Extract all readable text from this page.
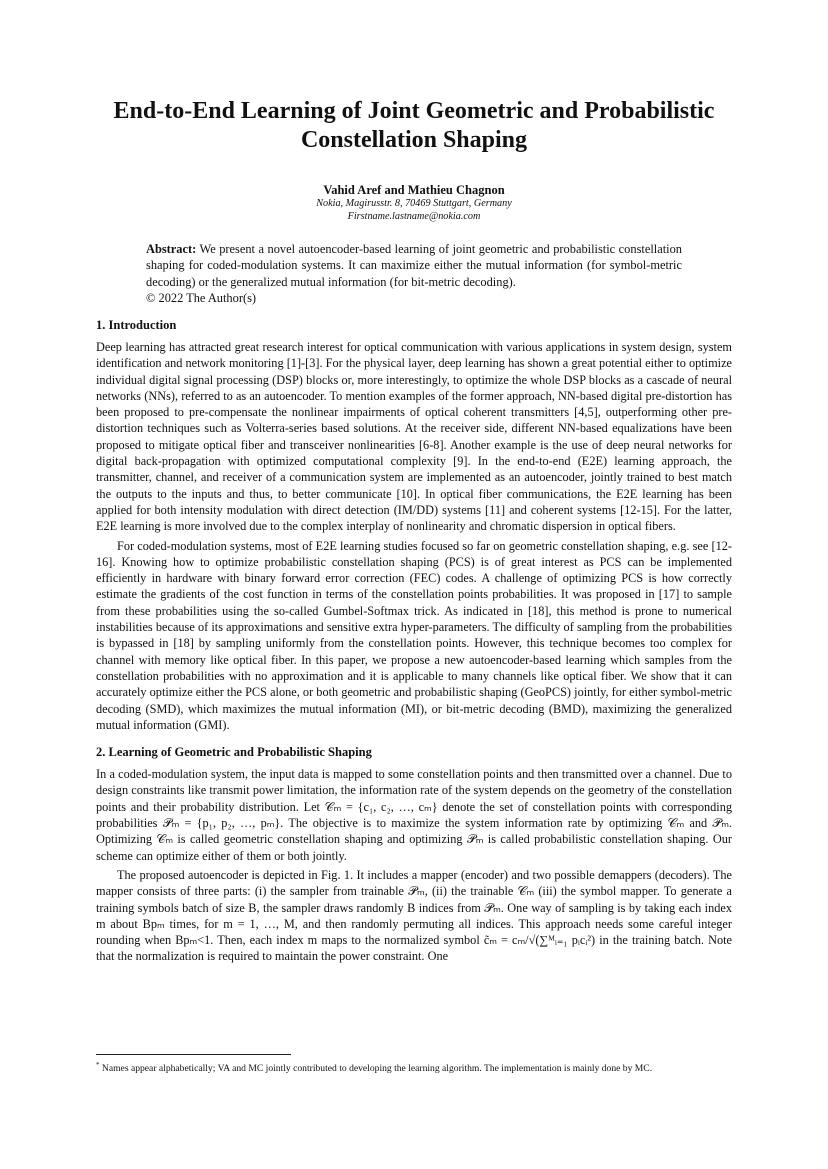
End-to-End Learning of Joint Geometric and Probabilistic Constellation Shaping
Vahid Aref and Mathieu Chagnon
Nokia, Magirusstr. 8, 70469 Stuttgart, Germany
Firstname.lastname@nokia.com
Abstract: We present a novel autoencoder-based learning of joint geometric and probabilistic constellation shaping for coded-modulation systems. It can maximize either the mutual information (for symbol-metric decoding) or the generalized mutual information (for bit-metric decoding).
© 2022 The Author(s)
1. Introduction

Deep learning has attracted great research interest for optical communication with various applications in system design, system identification and network monitoring [1]-[3]. For the physical layer, deep learning has shown a great potential either to optimize individual digital signal processing (DSP) blocks or, more interestingly, to optimize the whole DSP blocks as a cascade of neural networks (NNs), referred to as an autoencoder. To mention examples of the former approach, NN-based digital pre-distortion has been proposed to pre-compensate the nonlinear impairments of optical coherent transmitters [4,5], outperforming other pre-distortion techniques such as Volterra-series based solutions. At the receiver side, different NN-based equalizations have been proposed to mitigate optical fiber and transceiver nonlinearities [6-8]. Another example is the use of deep neural networks for digital back-propagation with optimized computational complexity [9]. In the end-to-end (E2E) learning approach, the transmitter, channel, and receiver of a communication system are implemented as an autoencoder, jointly trained to best match the outputs to the inputs and thus, to better communicate [10]. In optical fiber communications, the E2E learning has been applied for both intensity modulation with direct detection (IM/DD) systems [11] and coherent systems [12-15]. For the latter, E2E learning is more involved due to the complex interplay of nonlinearity and chromatic dispersion in optical fibers.

For coded-modulation systems, most of E2E learning studies focused so far on geometric constellation shaping, e.g. see [12-16]. Knowing how to optimize probabilistic constellation shaping (PCS) is of great interest as PCS can be implemented efficiently in hardware with binary forward error correction (FEC) codes. A challenge of optimizing PCS is how correctly estimate the gradients of the cost function in terms of the constellation points probabilities. It was proposed in [17] to sample from these probabilities using the so-called Gumbel-Softmax trick. As indicated in [18], this method is prone to numerical instabilities because of its approximations and sensitive extra hyper-parameters. The difficulty of sampling from the probabilities is bypassed in [18] by sampling uniformly from the constellation points. However, this technique becomes too complex for channel with memory like optical fiber. In this paper, we propose a new autoencoder-based learning which samples from the constellation probabilities with no approximation and it is applicable to many channels like optical fiber. We show that it can accurately optimize either the PCS alone, or both geometric and probabilistic shaping (GeoPCS) jointly, for either symbol-metric decoding (SMD), which maximizes the mutual information (MI), or bit-metric decoding (BMD), maximizing the generalized mutual information (GMI).

2. Learning of Geometric and Probabilistic Shaping

In a coded-modulation system, the input data is mapped to some constellation points and then transmitted over a channel. Due to design constraints like transmit power limitation, the information rate of the system depends on the geometry of the constellation points and their probability distribution. Let 𝒞ₘ = {c₁, c₂, …, cₘ} denote the set of constellation points with corresponding probabilities 𝒫ₘ = {p₁, p₂, …, pₘ}. The objective is to maximize the system information rate by optimizing 𝒞ₘ and 𝒫ₘ. Optimizing 𝒞ₘ is called geometric constellation shaping and optimizing 𝒫ₘ is called probabilistic constellation shaping. Our scheme can optimize either of them or both jointly.

The proposed autoencoder is depicted in Fig. 1. It includes a mapper (encoder) and two possible demappers (decoders). The mapper consists of three parts: (i) the sampler from trainable 𝒫ₘ, (ii) the trainable 𝒞ₘ (iii) the symbol mapper. To generate a training symbols batch of size B, the sampler draws randomly B indices from 𝒫ₘ. One way of sampling is by taking each index m about Bpₘ times, for m = 1, …, M, and then randomly permuting all indices. This approach needs some careful integer rounding when Bpₘ<1. Then, each index m maps to the normalized symbol c̃ₘ = cₘ/√(∑ᴹᵢ₌₁ pᵢcᵢ²) in the training batch. Note that the normalization is required to maintain the power constraint. One

* Names appear alphabetically; VA and MC jointly contributed to developing the learning algorithm. The implementation is mainly done by MC.
